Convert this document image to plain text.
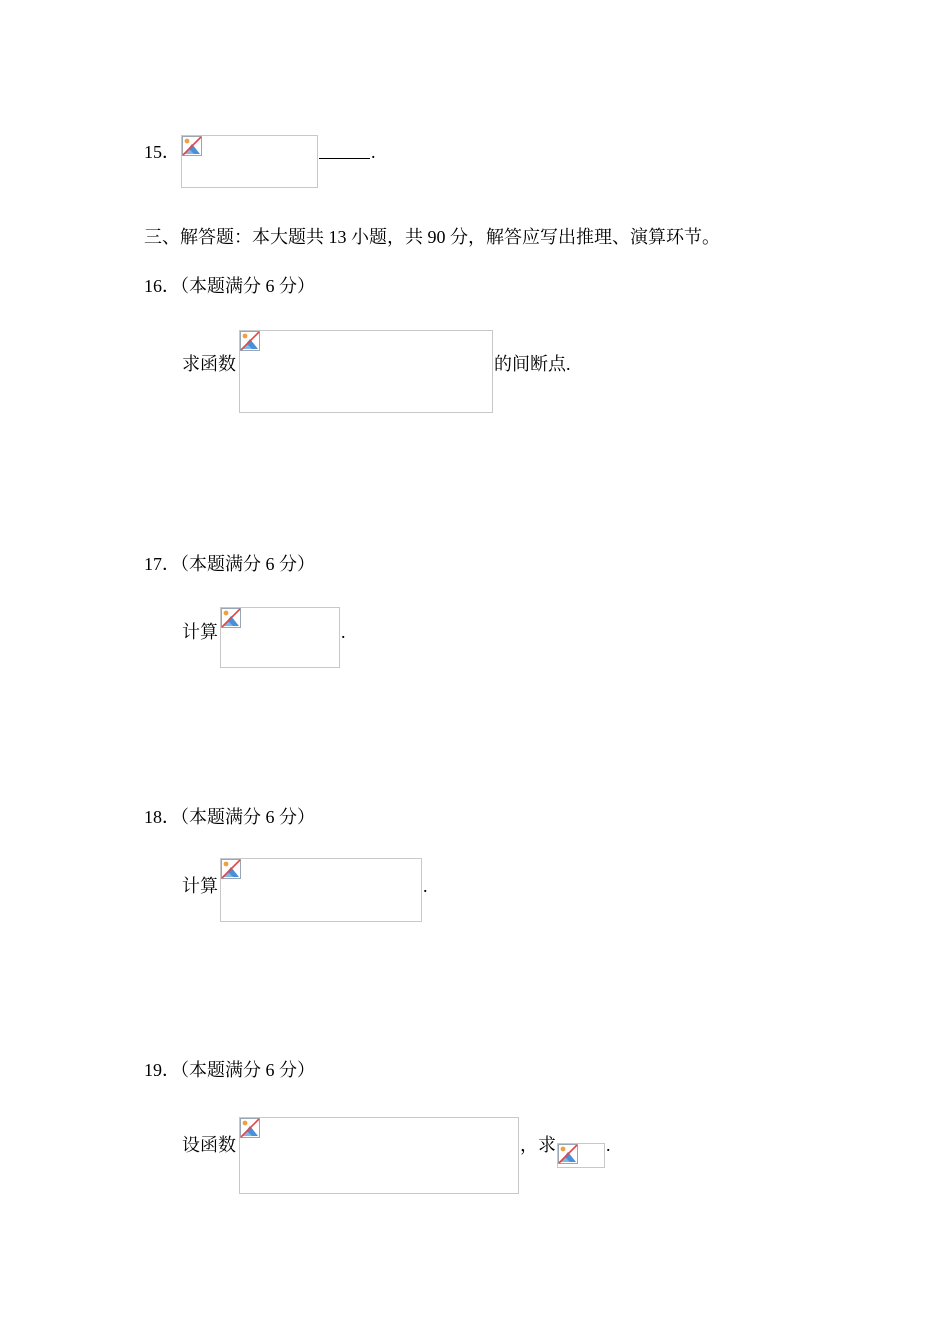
15．	.
三、解答题：本大题共 13 小题，共 90 分，解答应写出推理、演算环节。
16．（本题满分 6 分）
求函数	的间断点.
17．（本题满分 6 分）
计算	.
18．（本题满分 6 分）
计算	.
19．（本题满分 6 分）
设函数	，求	.
